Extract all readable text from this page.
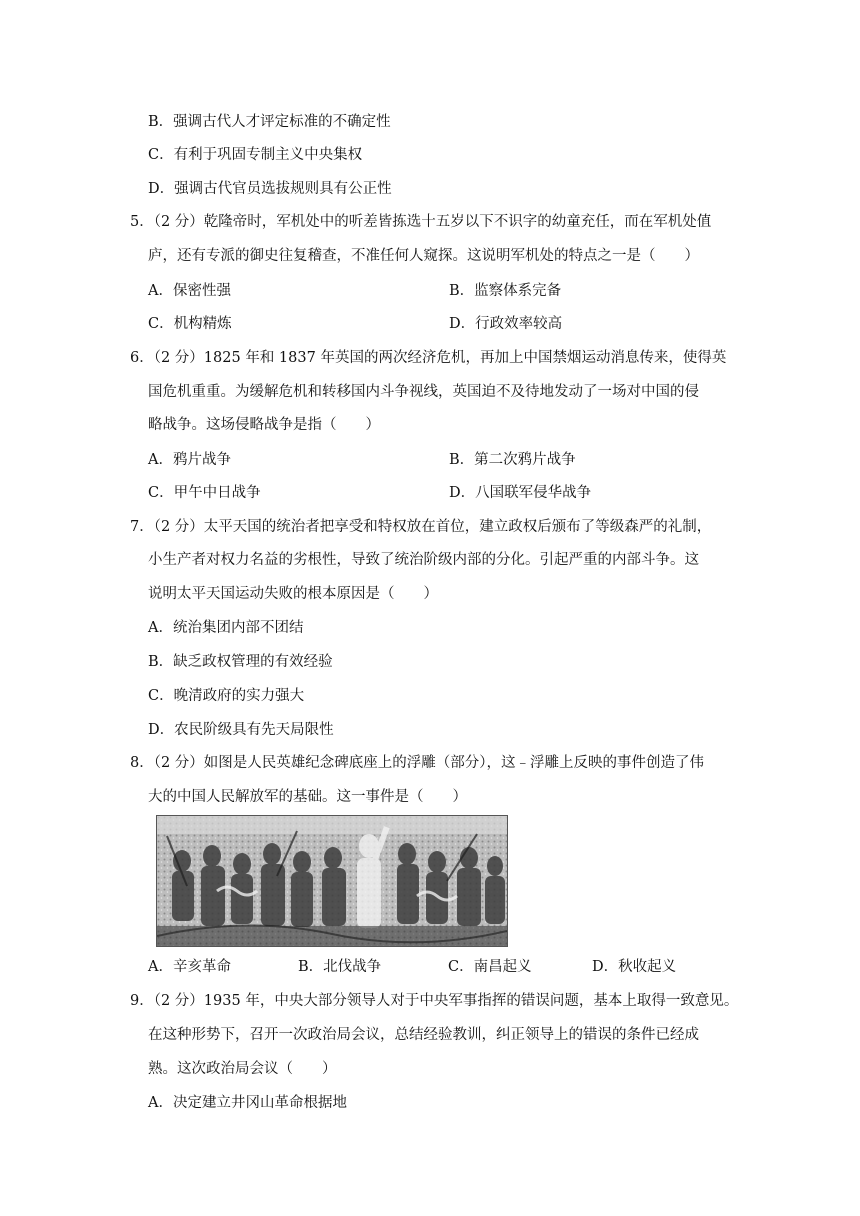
B．强调古代人才评定标准的不确定性
C．有利于巩固专制主义中央集权
D．强调古代官员选拔规则具有公正性
5．（2 分）乾隆帝时，军机处中的听差皆拣选十五岁以下不识字的幼童充任，而在军机处值
庐，还有专派的御史往复稽查，不准任何人窥探。这说明军机处的特点之一是（　　）
A．保密性强	B．监察体系完备
C．机构精炼	D．行政效率较高
6．（2 分）1825 年和 1837 年英国的两次经济危机，再加上中国禁烟运动消息传来，使得英
国危机重重。为缓解危机和转移国内斗争视线，英国迫不及待地发动了一场对中国的侵
略战争。这场侵略战争是指（　　）
A．鸦片战争	B．第二次鸦片战争
C．甲午中日战争	D．八国联军侵华战争
7．（2 分）太平天国的统治者把享受和特权放在首位，建立政权后颁布了等级森严的礼制，
小生产者对权力名益的劣根性，导致了统治阶级内部的分化。引起严重的内部斗争。这
说明太平天国运动失败的根本原因是（　　）
A．统治集团内部不团结
B．缺乏政权管理的有效经验
C．晚清政府的实力强大
D．农民阶级具有先天局限性
8．（2 分）如图是人民英雄纪念碑底座上的浮雕（部分），这﹣浮雕上反映的事件创造了伟
大的中国人民解放军的基础。这一事件是（　　）
A．辛亥革命	B．北伐战争	C．南昌起义	D．秋收起义
9．（2 分）1935 年，中央大部分领导人对于中央军事指挥的错误问题，基本上取得一致意见。
在这种形势下，召开一次政治局会议，总结经验教训，纠正领导上的错误的条件已经成
熟。这次政治局会议（　　）
A．决定建立井冈山革命根据地
